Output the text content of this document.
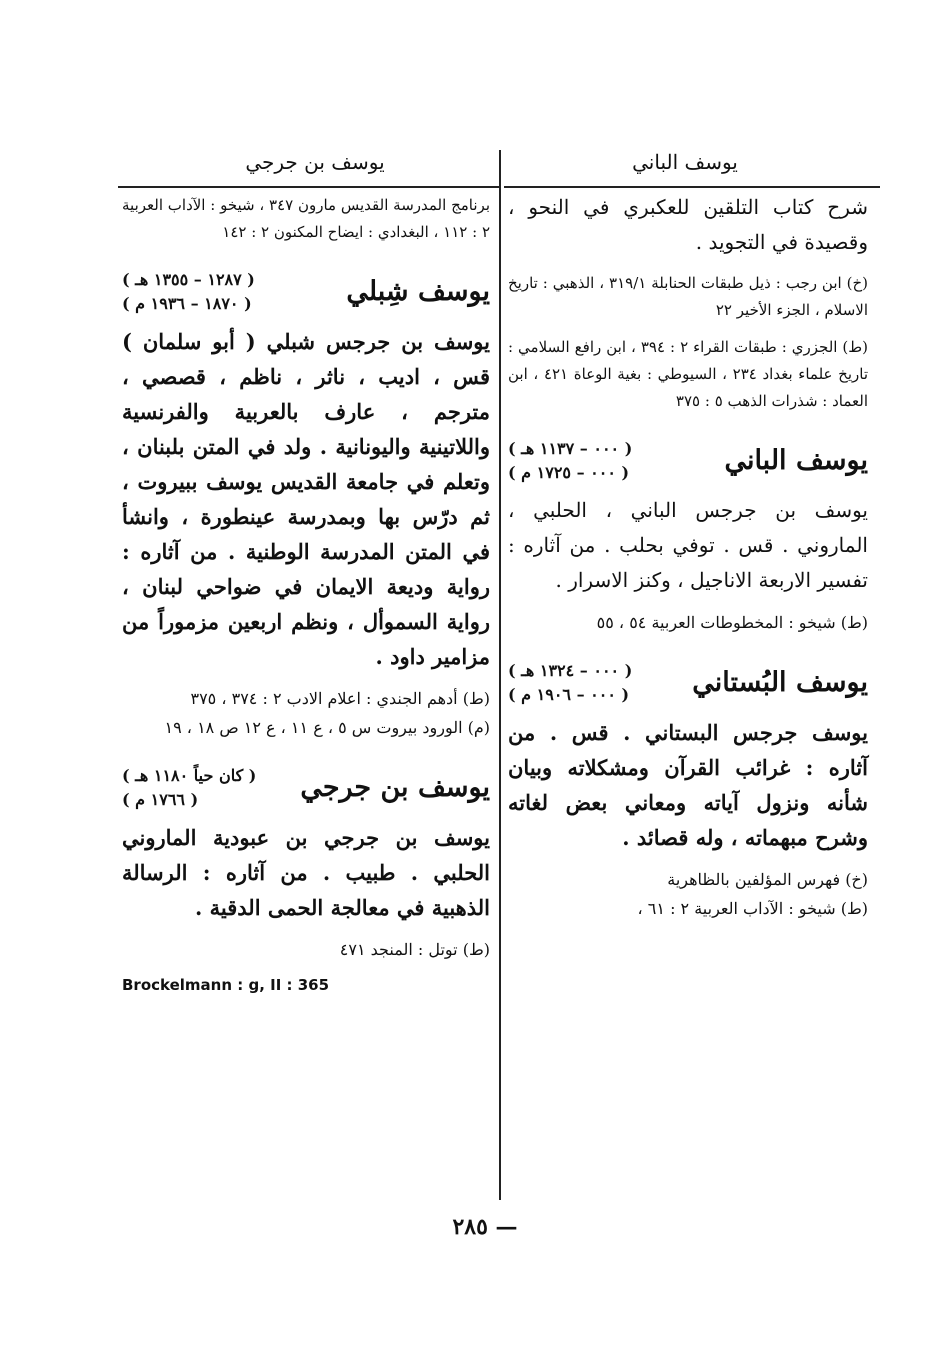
يوسف الباني
يوسف بن جرجي

شرح كتاب التلقين للعكبري في النحو ، وقصيدة في التجويد .

(خ) ابن رجب : ذيل طبقات الحنابلة ٣١٩/١ ، الذهبي : تاريخ الاسلام ، الجزء الأخير ٢٢

(ط) الجزري : طبقات القراء ٢ : ٣٩٤ ، ابن رافع السلامي : تاريخ علماء بغداد ٢٣٤ ، السيوطي : بغية الوعاة ٤٢١ ، ابن العماد : شذرات الذهب ٥ : ٣٧٥

يوسف الباني
( ٠٠٠ – ١١٣٧ هـ )
( ٠٠٠ – ١٧٢٥ م )

يوسف بن جرجس الباني ، الحلبي ، الماروني . قس . توفي بحلب . من آثاره : تفسير الاربعة الاناجيل ، وكنز الاسرار .

(ط) شيخو : المخطوطات العربية ٥٤ ، ٥٥

يوسف البُستاني
( ٠٠٠ – ١٣٢٤ هـ )
( ٠٠٠ – ١٩٠٦ م )

يوسف جرجس البستاني . قس . من آثاره : غرائب القرآن ومشكلاته وبيان شأنه ونزول آياته ومعاني بعض لغاته وشرح مبهماته ، وله قصائد .

(خ) فهرس المؤلفين بالظاهرية

(ط) شيخو : الآداب العربية ٢ : ٦١ ،

برنامج المدرسة القديس مارون ٣٤٧ ، شيخو : الآداب العربية ٢ : ١١٢ ، البغدادي : ايضاح المكنون ٢ : ١٤٢

يوسف شِبلي
( ١٢٨٧ – ١٣٥٥ هـ )
( ١٨٧٠ – ١٩٣٦ م )

يوسف بن جرجس شبلي ( أبو سلمان ) قس ، اديب ، ناثر ، ناظم ، قصصي ، مترجم ، عارف بالعربية والفرنسية واللاتينية واليونانية . ولد في المتن بلبنان ، وتعلم في جامعة القديس يوسف ببيروت ، ثم درّس بها وبمدرسة عينطورة ، وانشأ في المتن المدرسة الوطنية . من آثاره : رواية وديعة الايمان في ضواحي لبنان ، رواية السموأل ، ونظم اربعين مزموراً من مزامير داود .

(ط) أدهم الجندي : اعلام الادب ٢ : ٣٧٤ ، ٣٧٥

(م) الورود بيروت س ٥ ، ع ١١ ، ع ١٢ ص ١٨ ، ١٩

يوسف بن جرجي
( كان حياً ١١٨٠ هـ )
( ١٧٦٦ م )

يوسف بن جرجي بن عبودية الماروني الحلبي . طبيب . من آثاره : الرسالة الذهبية في معالجة الحمى الدقية .

(ط) توتل : المنجد ٤٧١

Brockelmann : g, II : 365
— ٢٨٥
